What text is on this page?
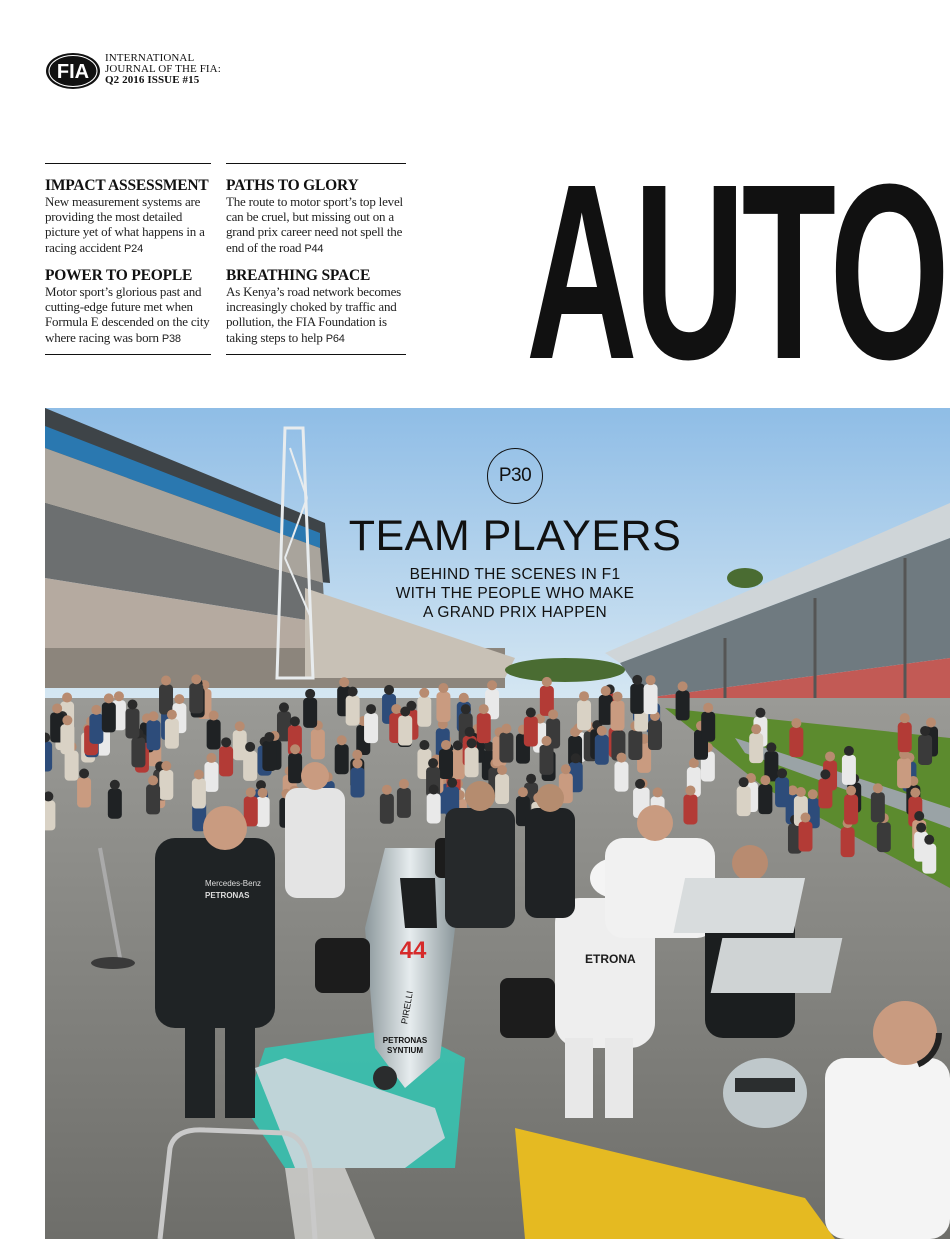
FIA
INTERNATIONAL
JOURNAL OF THE FIA:
Q2 2016 ISSUE #15
AUTO
IMPACT ASSESSMENT

New measurement systems are providing the most detailed picture yet of what happens in a racing accident P24

PATHS TO GLORY

The route to motor sport’s top level can be cruel, but missing out on a grand prix career need not spell the end of the road P44

POWER TO PEOPLE

Motor sport’s glorious past and cutting-edge future met when Formula E descended on the city where racing was born P38

BREATHING SPACE

As Kenya’s road network becomes increasingly choked by traffic and pollution, the FIA Foundation is taking steps to help P64

44
PIRELLI
PETRONAS
SYNTIUM
Mercedes-Benz
PETRONAS
ETRONA
P30
TEAM PLAYERS
BEHIND THE SCENES IN F1
WITH THE PEOPLE WHO MAKE
A GRAND PRIX HAPPEN
